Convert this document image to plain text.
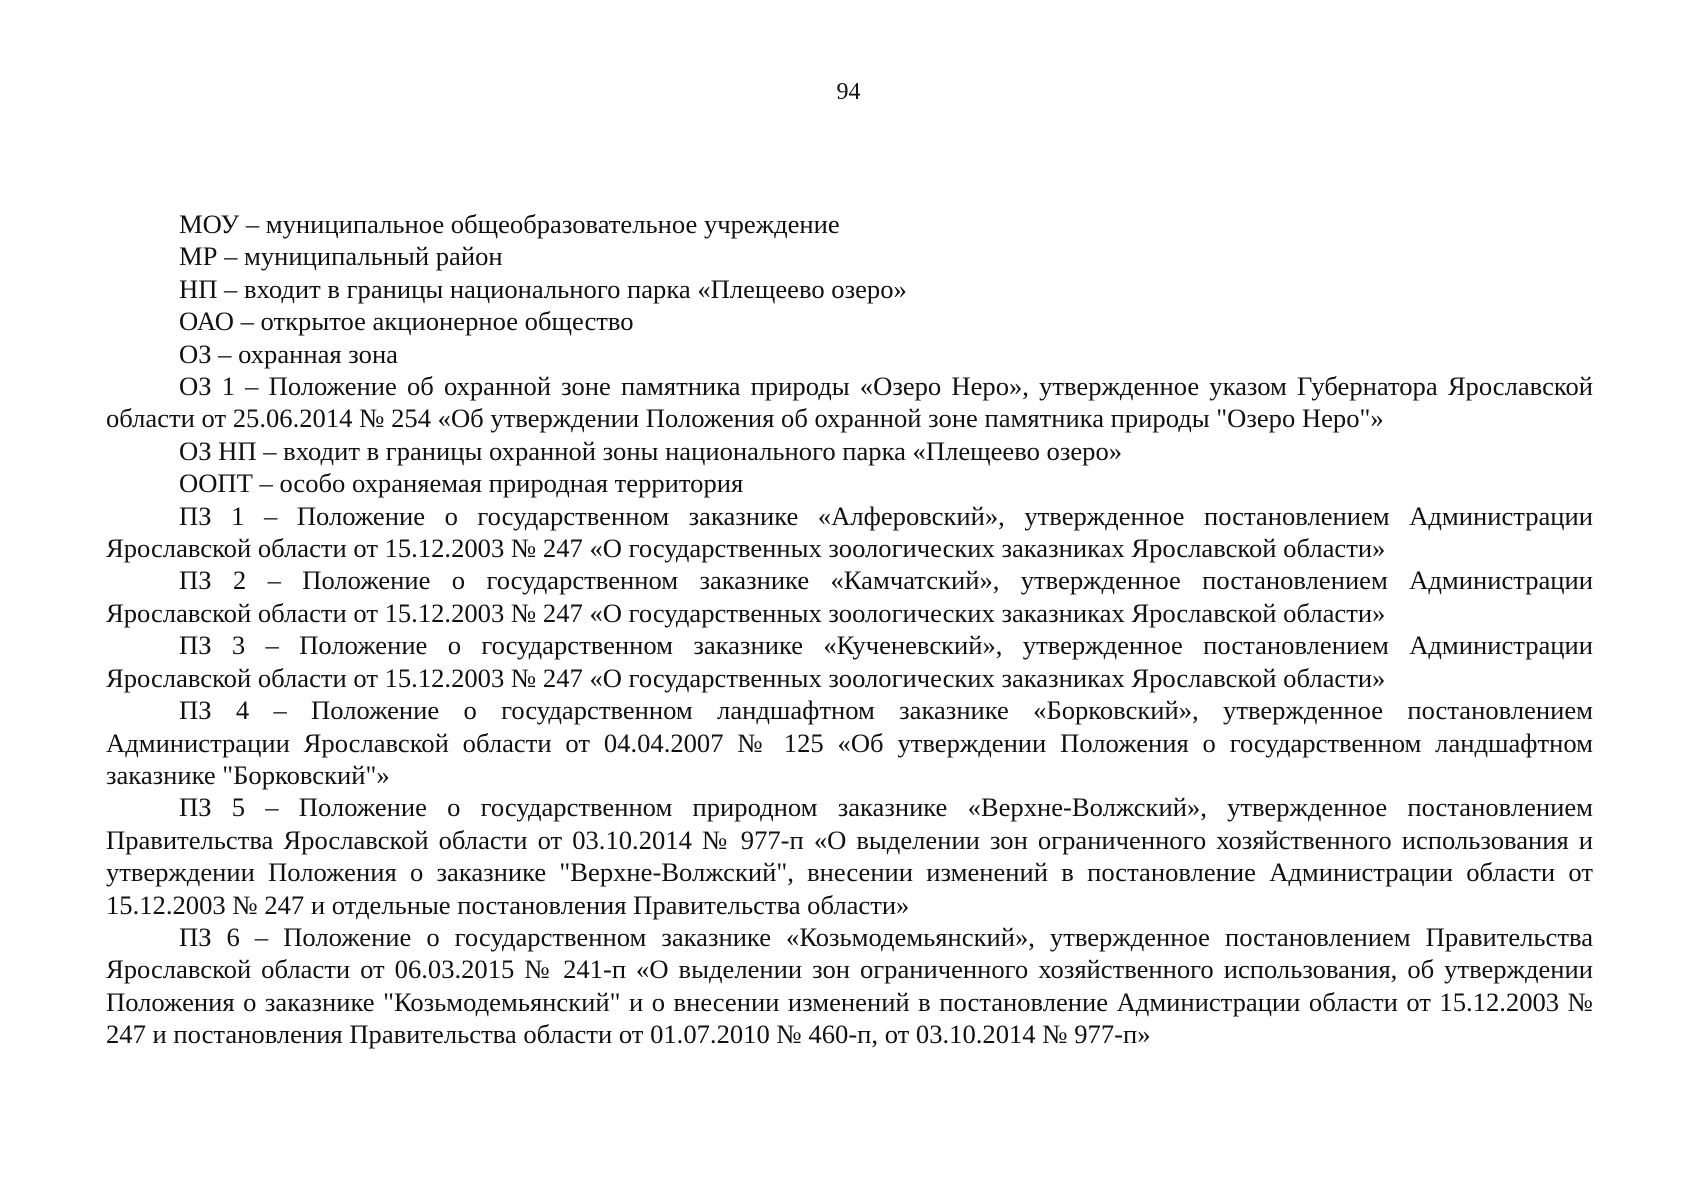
94

МОУ – муниципальное общеобразовательное учреждение

МР – муниципальный район

НП – входит в границы национального парка «Плещеево озеро»

ОАО – открытое акционерное общество

ОЗ – охранная зона

ОЗ 1 – Положение об охранной зоне памятника природы «Озеро Неро», утвержденное указом Губернатора Ярославской области от 25.06.2014 № 254 «Об утверждении Положения об охранной зоне памятника природы "Озеро Неро"»

ОЗ НП – входит в границы охранной зоны национального парка «Плещеево озеро»

ООПТ – особо охраняемая природная территория

ПЗ 1 – Положение о государственном заказнике «Алферовский», утвержденное постановлением Администрации Ярославской области от 15.12.2003 № 247 «О государственных зоологических заказниках Ярославской области»

ПЗ 2 – Положение о государственном заказнике «Камчатский», утвержденное постановлением Администрации Ярославской области от 15.12.2003 № 247 «О государственных зоологических заказниках Ярославской области»

ПЗ 3 – Положение о государственном заказнике «Кученевский», утвержденное постановлением Администрации Ярославской области от 15.12.2003 № 247 «О государственных зоологических заказниках Ярославской области»

ПЗ 4 – Положение о государственном ландшафтном заказнике «Борковский», утвержденное постановлением Администрации Ярославской области от 04.04.2007 № 125 «Об утверждении Положения о государственном ландшафтном заказнике "Борковский"»

ПЗ 5 – Положение о государственном природном заказнике «Верхне-Волжский», утвержденное постановлением Правительства Ярославской области от 03.10.2014 № 977-п «О выделении зон ограниченного хозяйственного использования и утверждении Положения о заказнике "Верхне-Волжский", внесении изменений в постановление Администрации области от 15.12.2003 № 247 и отдельные постановления Правительства области»

ПЗ 6 – Положение о государственном заказнике «Козьмодемьянский», утвержденное постановлением Правительства Ярославской области от 06.03.2015 № 241-п «О выделении зон ограниченного хозяйственного использования, об утверждении Положения о заказнике "Козьмодемьянский" и о внесении изменений в постановление Администрации области от 15.12.2003 № 247 и постановления Правительства области от 01.07.2010 № 460-п, от 03.10.2014 № 977-п»
